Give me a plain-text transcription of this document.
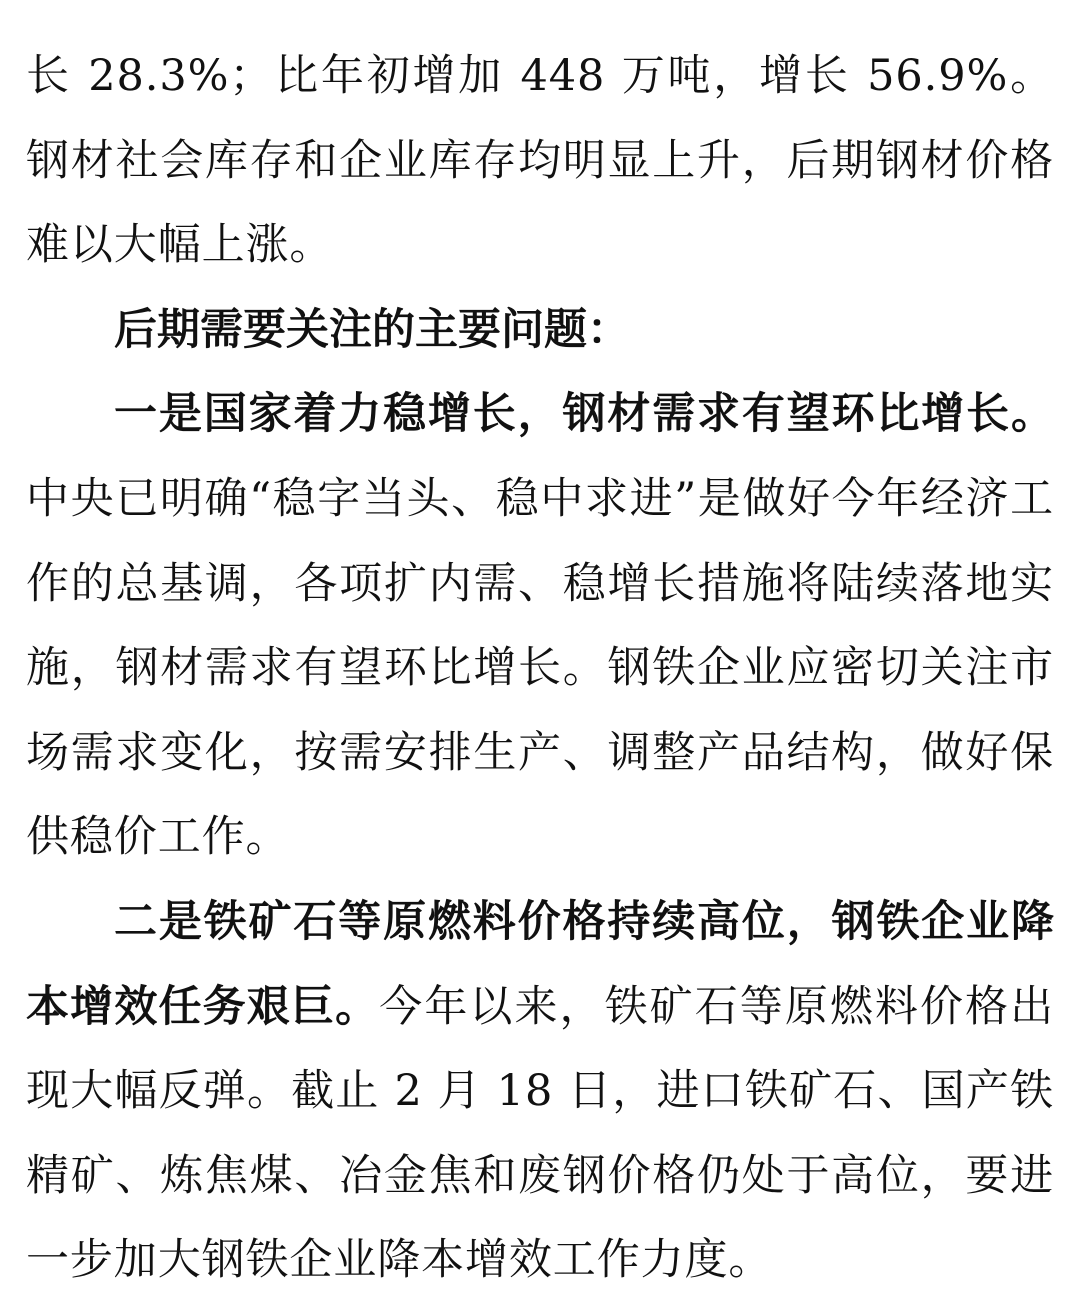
长 28.3%；比年初增加 448 万吨，增长 56.9%。钢材社会库存和企业库存均明显上升，后期钢材价格难以大幅上涨。

后期需要关注的主要问题：

一是国家着力稳增长，钢材需求有望环比增长。中央已明确“稳字当头、稳中求进”是做好今年经济工作的总基调，各项扩内需、稳增长措施将陆续落地实施，钢材需求有望环比增长。钢铁企业应密切关注市场需求变化，按需安排生产、调整产品结构，做好保供稳价工作。

二是铁矿石等原燃料价格持续高位，钢铁企业降本增效任务艰巨。今年以来，铁矿石等原燃料价格出现大幅反弹。截止 2 月 18 日，进口铁矿石、国产铁精矿、炼焦煤、冶金焦和废钢价格仍处于高位，要进一步加大钢铁企业降本增效工作力度。
